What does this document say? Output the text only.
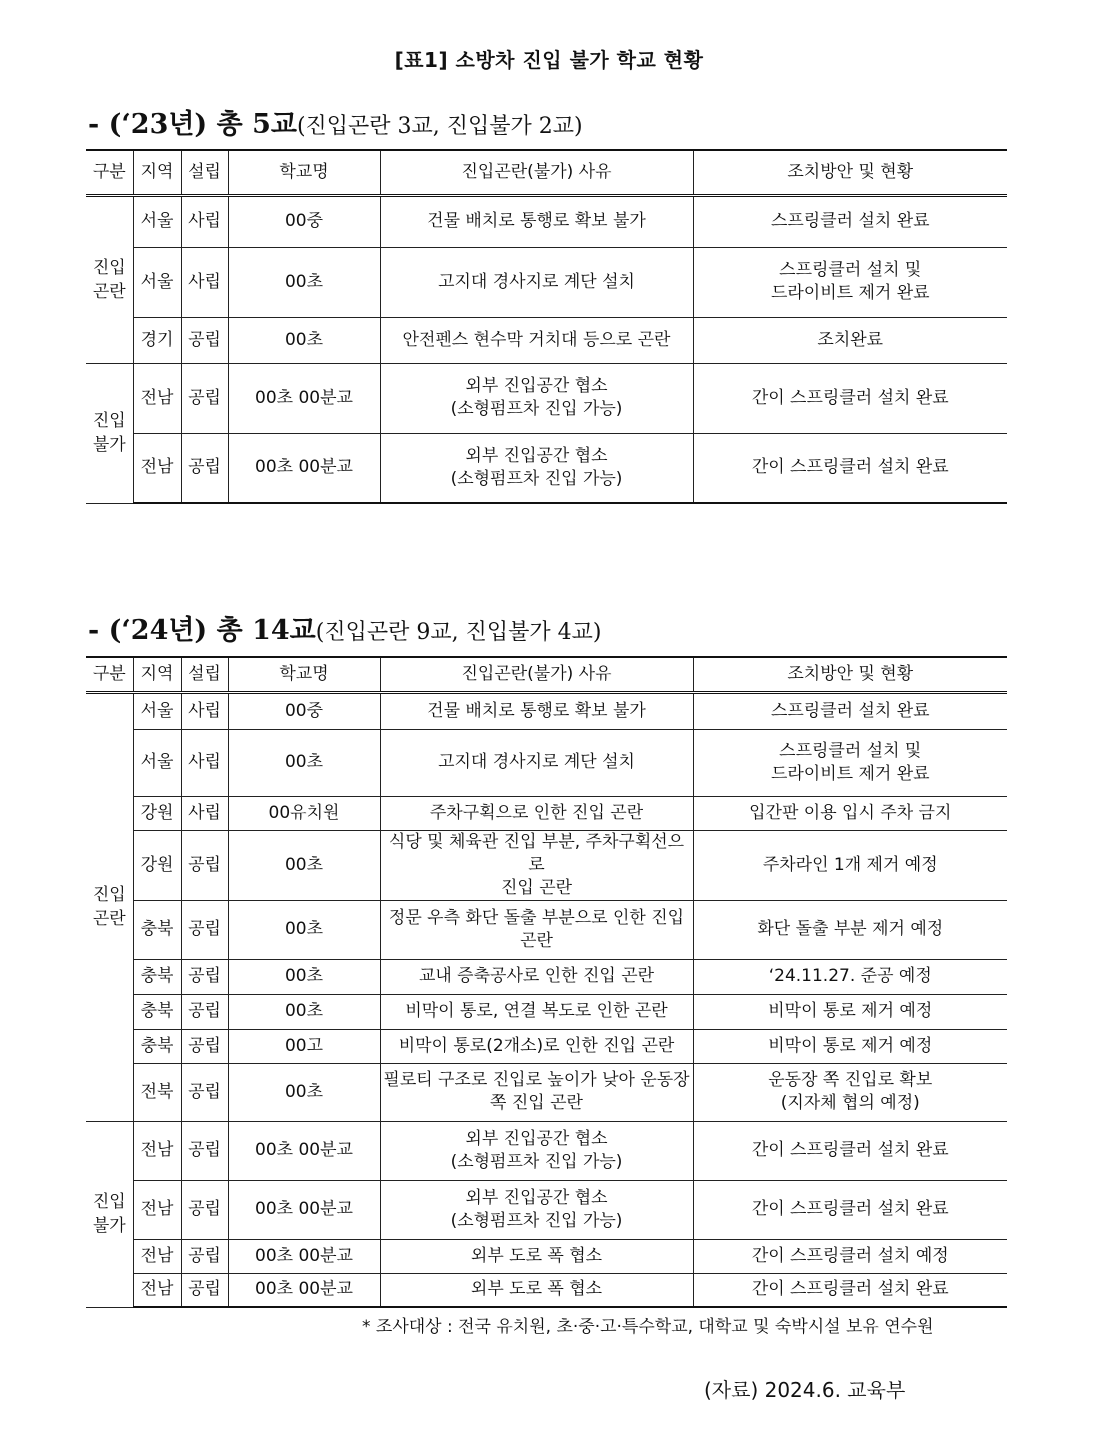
[표1] 소방차 진입 불가 학교 현황
- (‘23년) 총 5교(진입곤란 3교, 진입불가 2교)
구분	지역	설립	학교명	진입곤란(불가) 사유	조치방안 및 현황

진입
곤란	서울	사립	00중	건물 배치로 통행로 확보 불가	스프링클러 설치 완료

	서울	사립	00초	고지대 경사지로 계단 설치	스프링클러 설치 및
드라이비트 제거 완료

	경기	공립	00초	안전펜스 현수막 거치대 등으로 곤란	조치완료

진입
불가	전남	공립	00초 00분교	외부 진입공간 협소
(소형펌프차 진입 가능)	간이 스프링클러 설치 완료

	전남	공립	00초 00분교	외부 진입공간 협소
(소형펌프차 진입 가능)	간이 스프링클러 설치 완료
- (‘24년) 총 14교(진입곤란 9교, 진입불가 4교)
구분	지역	설립	학교명	진입곤란(불가) 사유	조치방안 및 현황

진입
곤란	서울	사립	00중	건물 배치로 통행로 확보 불가	스프링클러 설치 완료

	서울	사립	00초	고지대 경사지로 계단 설치	스프링클러 설치 및
드라이비트 제거 완료

	강원	사립	00유치원	주차구획으로 인한 진입 곤란	입간판 이용 입시 주차 금지

	강원	공립	00초	식당 및 체육관 진입 부분, 주차구획선으로
진입 곤란	주차라인 1개 제거 예정

	충북	공립	00초	정문 우측 화단 돌출 부분으로 인한 진입
곤란	화단 돌출 부분 제거 예정

	충북	공립	00초	교내 증축공사로 인한 진입 곤란	‘24.11.27. 준공 예정

	충북	공립	00초	비막이 통로, 연결 복도로 인한 곤란	비막이 통로 제거 예정

	충북	공립	00고	비막이 통로(2개소)로 인한 진입 곤란	비막이 통로 제거 예정

	전북	공립	00초	필로티 구조로 진입로 높이가 낮아 운동장
쪽 진입 곤란	운동장 쪽 진입로 확보
(지자체 협의 예정)

진입
불가	전남	공립	00초 00분교	외부 진입공간 협소
(소형펌프차 진입 가능)	간이 스프링클러 설치 완료

	전남	공립	00초 00분교	외부 진입공간 협소
(소형펌프차 진입 가능)	간이 스프링클러 설치 완료

	전남	공립	00초 00분교	외부 도로 폭 협소	간이 스프링클러 설치 예정

	전남	공립	00초 00분교	외부 도로 폭 협소	간이 스프링클러 설치 완료
* 조사대상 : 전국 유치원, 초·중·고·특수학교, 대학교 및 숙박시설 보유 연수원
(자료) 2024.6. 교육부
